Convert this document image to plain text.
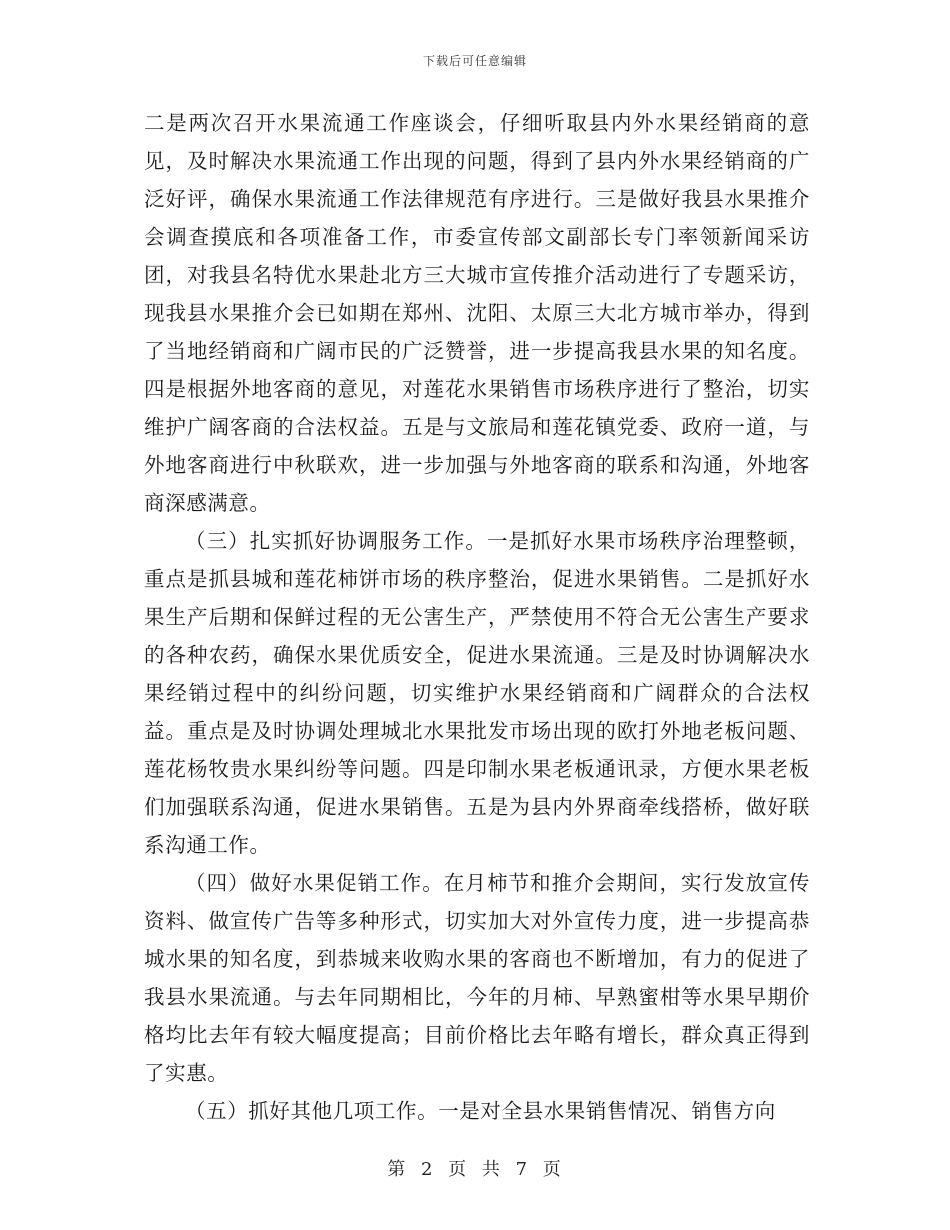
下载后可任意编辑

二是两次召开水果流通工作座谈会，仔细听取县内外水果经销商的意见，及时解决水果流通工作出现的问题，得到了县内外水果经销商的广泛好评，确保水果流通工作法律规范有序进行。三是做好我县水果推介会调查摸底和各项准备工作，市委宣传部文副部长专门率领新闻采访团，对我县名特优水果赴北方三大城市宣传推介活动进行了专题采访，现我县水果推介会已如期在郑州、沈阳、太原三大北方城市举办，得到了当地经销商和广阔市民的广泛赞誉，进一步提高我县水果的知名度。四是根据外地客商的意见，对莲花水果销售市场秩序进行了整治，切实维护广阔客商的合法权益。五是与文旅局和莲花镇党委、政府一道，与外地客商进行中秋联欢，进一步加强与外地客商的联系和沟通，外地客商深感满意。

（三）扎实抓好协调服务工作。一是抓好水果市场秩序治理整顿，重点是抓县城和莲花柿饼市场的秩序整治，促进水果销售。二是抓好水果生产后期和保鲜过程的无公害生产，严禁使用不符合无公害生产要求的各种农药，确保水果优质安全，促进水果流通。三是及时协调解决水果经销过程中的纠纷问题，切实维护水果经销商和广阔群众的合法权益。重点是及时协调处理城北水果批发市场出现的欧打外地老板问题、莲花杨牧贵水果纠纷等问题。四是印制水果老板通讯录，方便水果老板们加强联系沟通，促进水果销售。五是为县内外界商牵线搭桥，做好联系沟通工作。

（四）做好水果促销工作。在月柿节和推介会期间，实行发放宣传资料、做宣传广告等多种形式，切实加大对外宣传力度，进一步提高恭城水果的知名度，到恭城来收购水果的客商也不断增加，有力的促进了我县水果流通。与去年同期相比，今年的月柿、早熟蜜柑等水果早期价格均比去年有较大幅度提高；目前价格比去年略有增长，群众真正得到了实惠。

（五）抓好其他几项工作。一是对全县水果销售情况、销售方向

第 2 页 共 7 页
